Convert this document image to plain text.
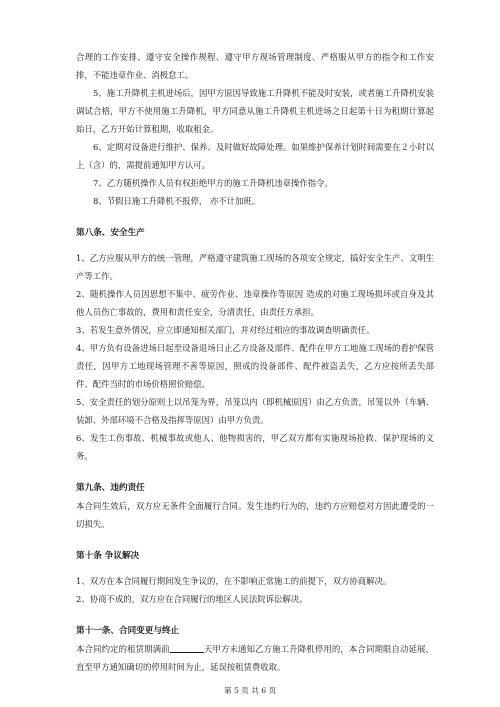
合理的工作安排、遵守安全操作规程、遵守甲方现场管理制度、严格服从甲方的指令和工作安排，不能违章作业、消极怠工。

5、施工升降机主机进场后，因甲方原因导致施工升降机不能及时安装，或者施工升降机安装调试合格，甲方不使用施工升降机，甲方同意从施工升降机主机进场之日起第十日为租期计算起始日，乙方开始计算租期，收取租金。

6、定期对设备进行维护、保养、及时做好故障处理。如果维护保养计划时间需要在２小时以上（含）的，需提前通知甲方认可。

7、乙方随机操作人员有权拒绝甲方的施工升降机违章操作指令。

8、节假日施工升降机不报停， 亦不计加班。

第八条、安全生产

1、乙方应服从甲方的统一管理，严格遵守建筑施工现场的各项安全规定，搞好安全生产、文明生产等工作。

2、随机操作人员因思想不集中、疲劳作业、违章操作等原因 造成的对施工现场损坏或自身及其他人员伤亡事故的，费用和责任安全，分清责任，由责任方承担。

3、若发生意外情况，应立即通知相关部门，并对经过相应的事故调查明确责任。

4、甲方负有设备进场日起至设备退场日止乙方设备及部件、配件在甲方工地施工现场的看护保管责任，因甲方工地现场管理不善等原因，照成的设备部件、配件被盗丢失，乙方应按所丢失部件、配件当时的市场价格照价赔偿。

5、安全责任的划分原则上以吊笼为界，吊笼以内（即机械原因）由乙方负责，吊笼以外（车辆、装卸、外部环境不合格及指挥等原因）由甲方负责。

6、发生工伤事故、机械事故或他人、他物损害的，甲乙双方都有实施现场抢救、保护现场的义务。

第九条、违约责任

本合同生效后，双方应无条件全面履行合同。发生违约行为的，违约方应赔偿对方因此遭受的一切损失。

第十条 争议解决

1、双方在本合同履行期间发生争议的，在不影响正常施工的前提下，双方协商解决。

2、协商不成的，双方应在合同履行的地区人民法院诉讼解决。

第十一条、合同变更与终止

本合同约定的租赁期满前	天甲方未通知乙方施工升降机停用的，本合同期限自动延展，直至甲方通知确切的停用时间为止，延误按租赁费收取。

第 5 页 共 6 页
